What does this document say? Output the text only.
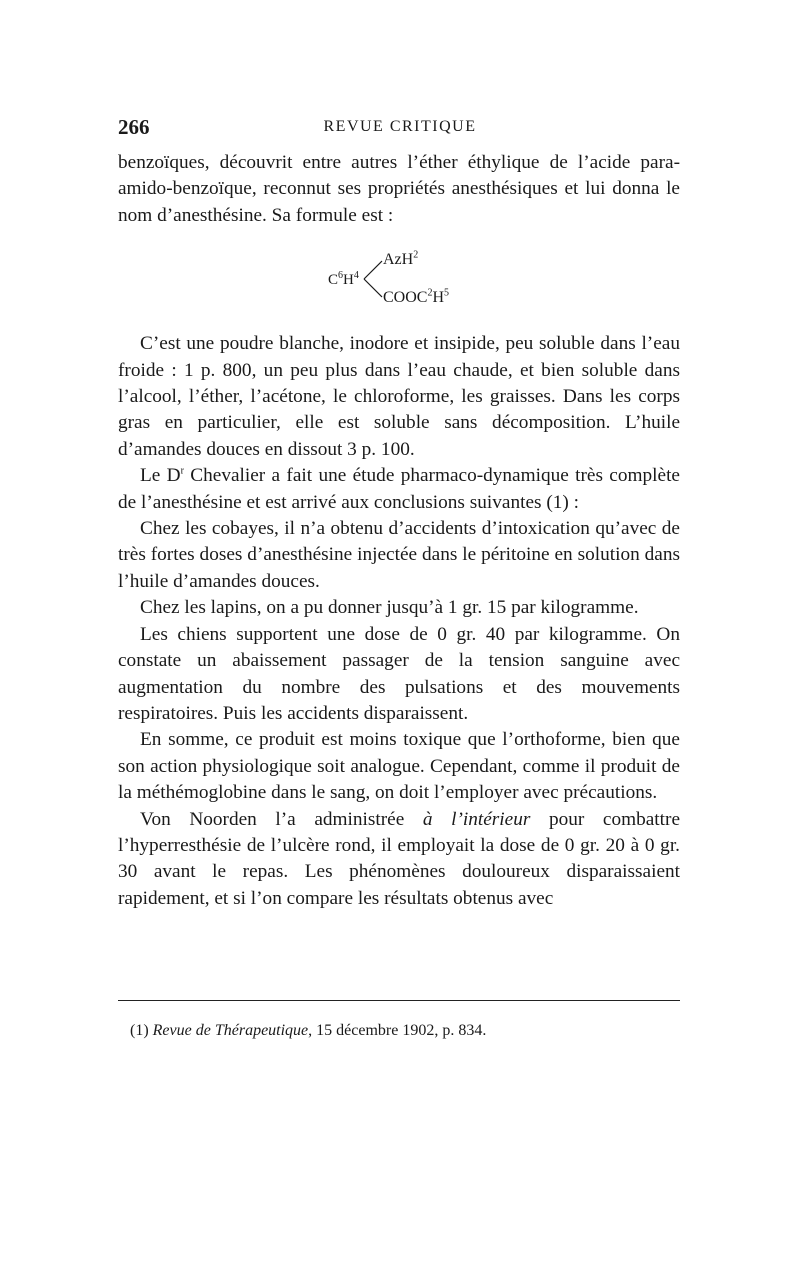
266	REVUE CRITIQUE

benzoïques, découvrit entre autres l’éther éthylique de l’acide para-amido-benzoïque, reconnut ses propriétés anesthésiques et lui donna le nom d’anesthésine. Sa formule est :

$C^6H^4$
AzH$^2$
$COOC^2H^5$

C’est une poudre blanche, inodore et insipide, peu soluble dans l’eau froide : 1 p. 800, un peu plus dans l’eau chaude, et bien soluble dans l’alcool, l’éther, l’acétone, le chloroforme, les graisses. Dans les corps gras en particulier, elle est soluble sans décomposition. L’huile d’amandes douces en dissout 3 p. 100.

Le $D^r$ Chevalier a fait une étude pharmaco-dynamique très complète de l’anesthésine et est arrivé aux conclusions suivantes (1) :

Chez les cobayes, il n’a obtenu d’accidents d’intoxication qu’avec de très fortes doses d’anesthésine injectée dans le péritoine en solution dans l’huile d’amandes douces.

Chez les lapins, on a pu donner jusqu’à 1 gr. 15 par kilogramme.

Les chiens supportent une dose de 0 gr. 40 par kilogramme. On constate un abaissement passager de la tension sanguine avec augmentation du nombre des pulsations et des mouvements respiratoires. Puis les accidents disparaissent.

En somme, ce produit est moins toxique que l’orthoforme, bien que son action physiologique soit analogue. Cependant, comme il produit de la méthémoglobine dans le sang, on doit l’employer avec précautions.

Von Noorden l’a administrée à l’intérieur pour combattre l’hyperresthésie de l’ulcère rond, il employait la dose de 0 gr. 20 à 0 gr. 30 avant le repas. Les phénomènes douloureux disparaissaient rapidement, et si l’on compare les résultats obtenus avec

(1) Revue de Thérapeutique, 15 décembre 1902, p. 834.
